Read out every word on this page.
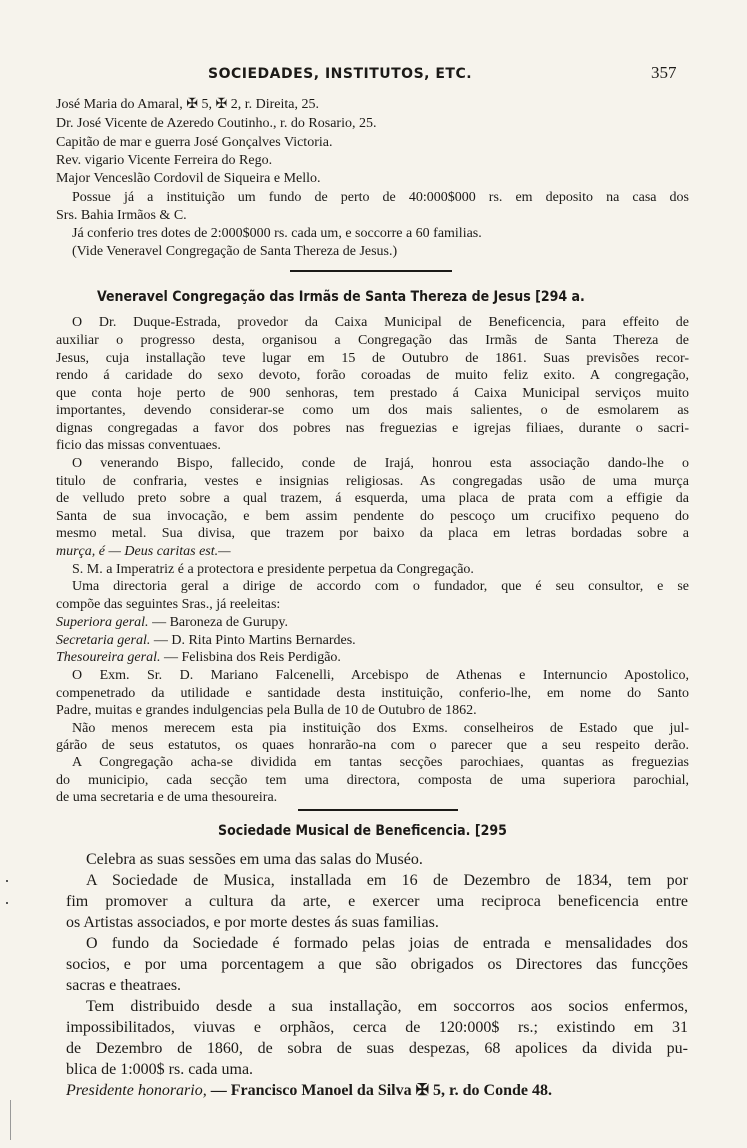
SOCIEDADES, INSTITUTOS, ETC.	357
José Maria do Amaral, ✠ 5, ✠ 2, r. Direita, 25.
Dr. José Vicente de Azeredo Coutinho., r. do Rosario, 25.
Capitão de mar e guerra José Gonçalves Victoria.
Rev. vigario Vicente Ferreira do Rego.
Major Venceslão Cordovil de Siqueira e Mello.
Possue já a instituição um fundo de perto de 40:000$000 rs. em deposito na casa dos
Srs. Bahia Irmãos & C.
Já conferio tres dotes de 2:000$000 rs. cada um, e soccorre a 60 familias.
(Vide Veneravel Congregação de Santa Thereza de Jesus.)
Veneravel Congregação das Irmãs de Santa Thereza de Jesus [294 a.
O Dr. Duque-Estrada, provedor da Caixa Municipal de Beneficencia, para effeito de
auxiliar o progresso desta, organisou a Congregação das Irmãs de Santa Thereza de
Jesus, cuja installação teve lugar em 15 de Outubro de 1861. Suas previsões recor-
rendo á caridade do sexo devoto, forão coroadas de muito feliz exito. A congregação,
que conta hoje perto de 900 senhoras, tem prestado á Caixa Municipal serviços muito
importantes, devendo considerar-se como um dos mais salientes, o de esmolarem as
dignas congregadas a favor dos pobres nas freguezias e igrejas filiaes, durante o sacri-
ficio das missas conventuaes.
O venerando Bispo, fallecido, conde de Irajá, honrou esta associação dando-lhe o
titulo de confraria, vestes e insignias religiosas. As congregadas usão de uma murça
de velludo preto sobre a qual trazem, á esquerda, uma placa de prata com a effigie da
Santa de sua invocação, e bem assim pendente do pescoço um crucifixo pequeno do
mesmo metal. Sua divisa, que trazem por baixo da placa em letras bordadas sobre a
murça, é — Deus caritas est.—
S. M. a Imperatriz é a protectora e presidente perpetua da Congregação.
Uma directoria geral a dirige de accordo com o fundador, que é seu consultor, e se
compõe das seguintes Sras., já reeleitas:
Superiora geral. — Baroneza de Gurupy.
Secretaria geral. — D. Rita Pinto Martins Bernardes.
Thesoureira geral. — Felisbina dos Reis Perdigão.
O Exm. Sr. D. Mariano Falcenelli, Arcebispo de Athenas e Internuncio Apostolico,
compenetrado da utilidade e santidade desta instituição, conferio-lhe, em nome do Santo
Padre, muitas e grandes indulgencias pela Bulla de 10 de Outubro de 1862.
Não menos merecem esta pia instituição dos Exms. conselheiros de Estado que jul-
gárão de seus estatutos, os quaes honrarão-na com o parecer que a seu respeito derão.
A Congregação acha-se dividida em tantas secções parochiaes, quantas as freguezias
do municipio, cada secção tem uma directora, composta de uma superiora parochial,
de uma secretaria e de uma thesoureira.
Sociedade Musical de Beneficencia. [295
Celebra as suas sessões em uma das salas do Muséo.
A Sociedade de Musica, installada em 16 de Dezembro de 1834, tem por
fim promover a cultura da arte, e exercer uma reciproca beneficencia entre
os Artistas associados, e por morte destes ás suas familias.
O fundo da Sociedade é formado pelas joias de entrada e mensalidades dos
socios, e por uma porcentagem a que são obrigados os Directores das funcções
sacras e theatraes.
Tem distribuido desde a sua installação, em soccorros aos socios enfermos,
impossibilitados, viuvas e orphãos, cerca de 120:000$ rs.; existindo em 31
de Dezembro de 1860, de sobra de suas despezas, 68 apolices da divida pu-
blica de 1:000$ rs. cada uma.
Presidente honorario, — Francisco Manoel da Silva ✠ 5, r. do Conde 48.
